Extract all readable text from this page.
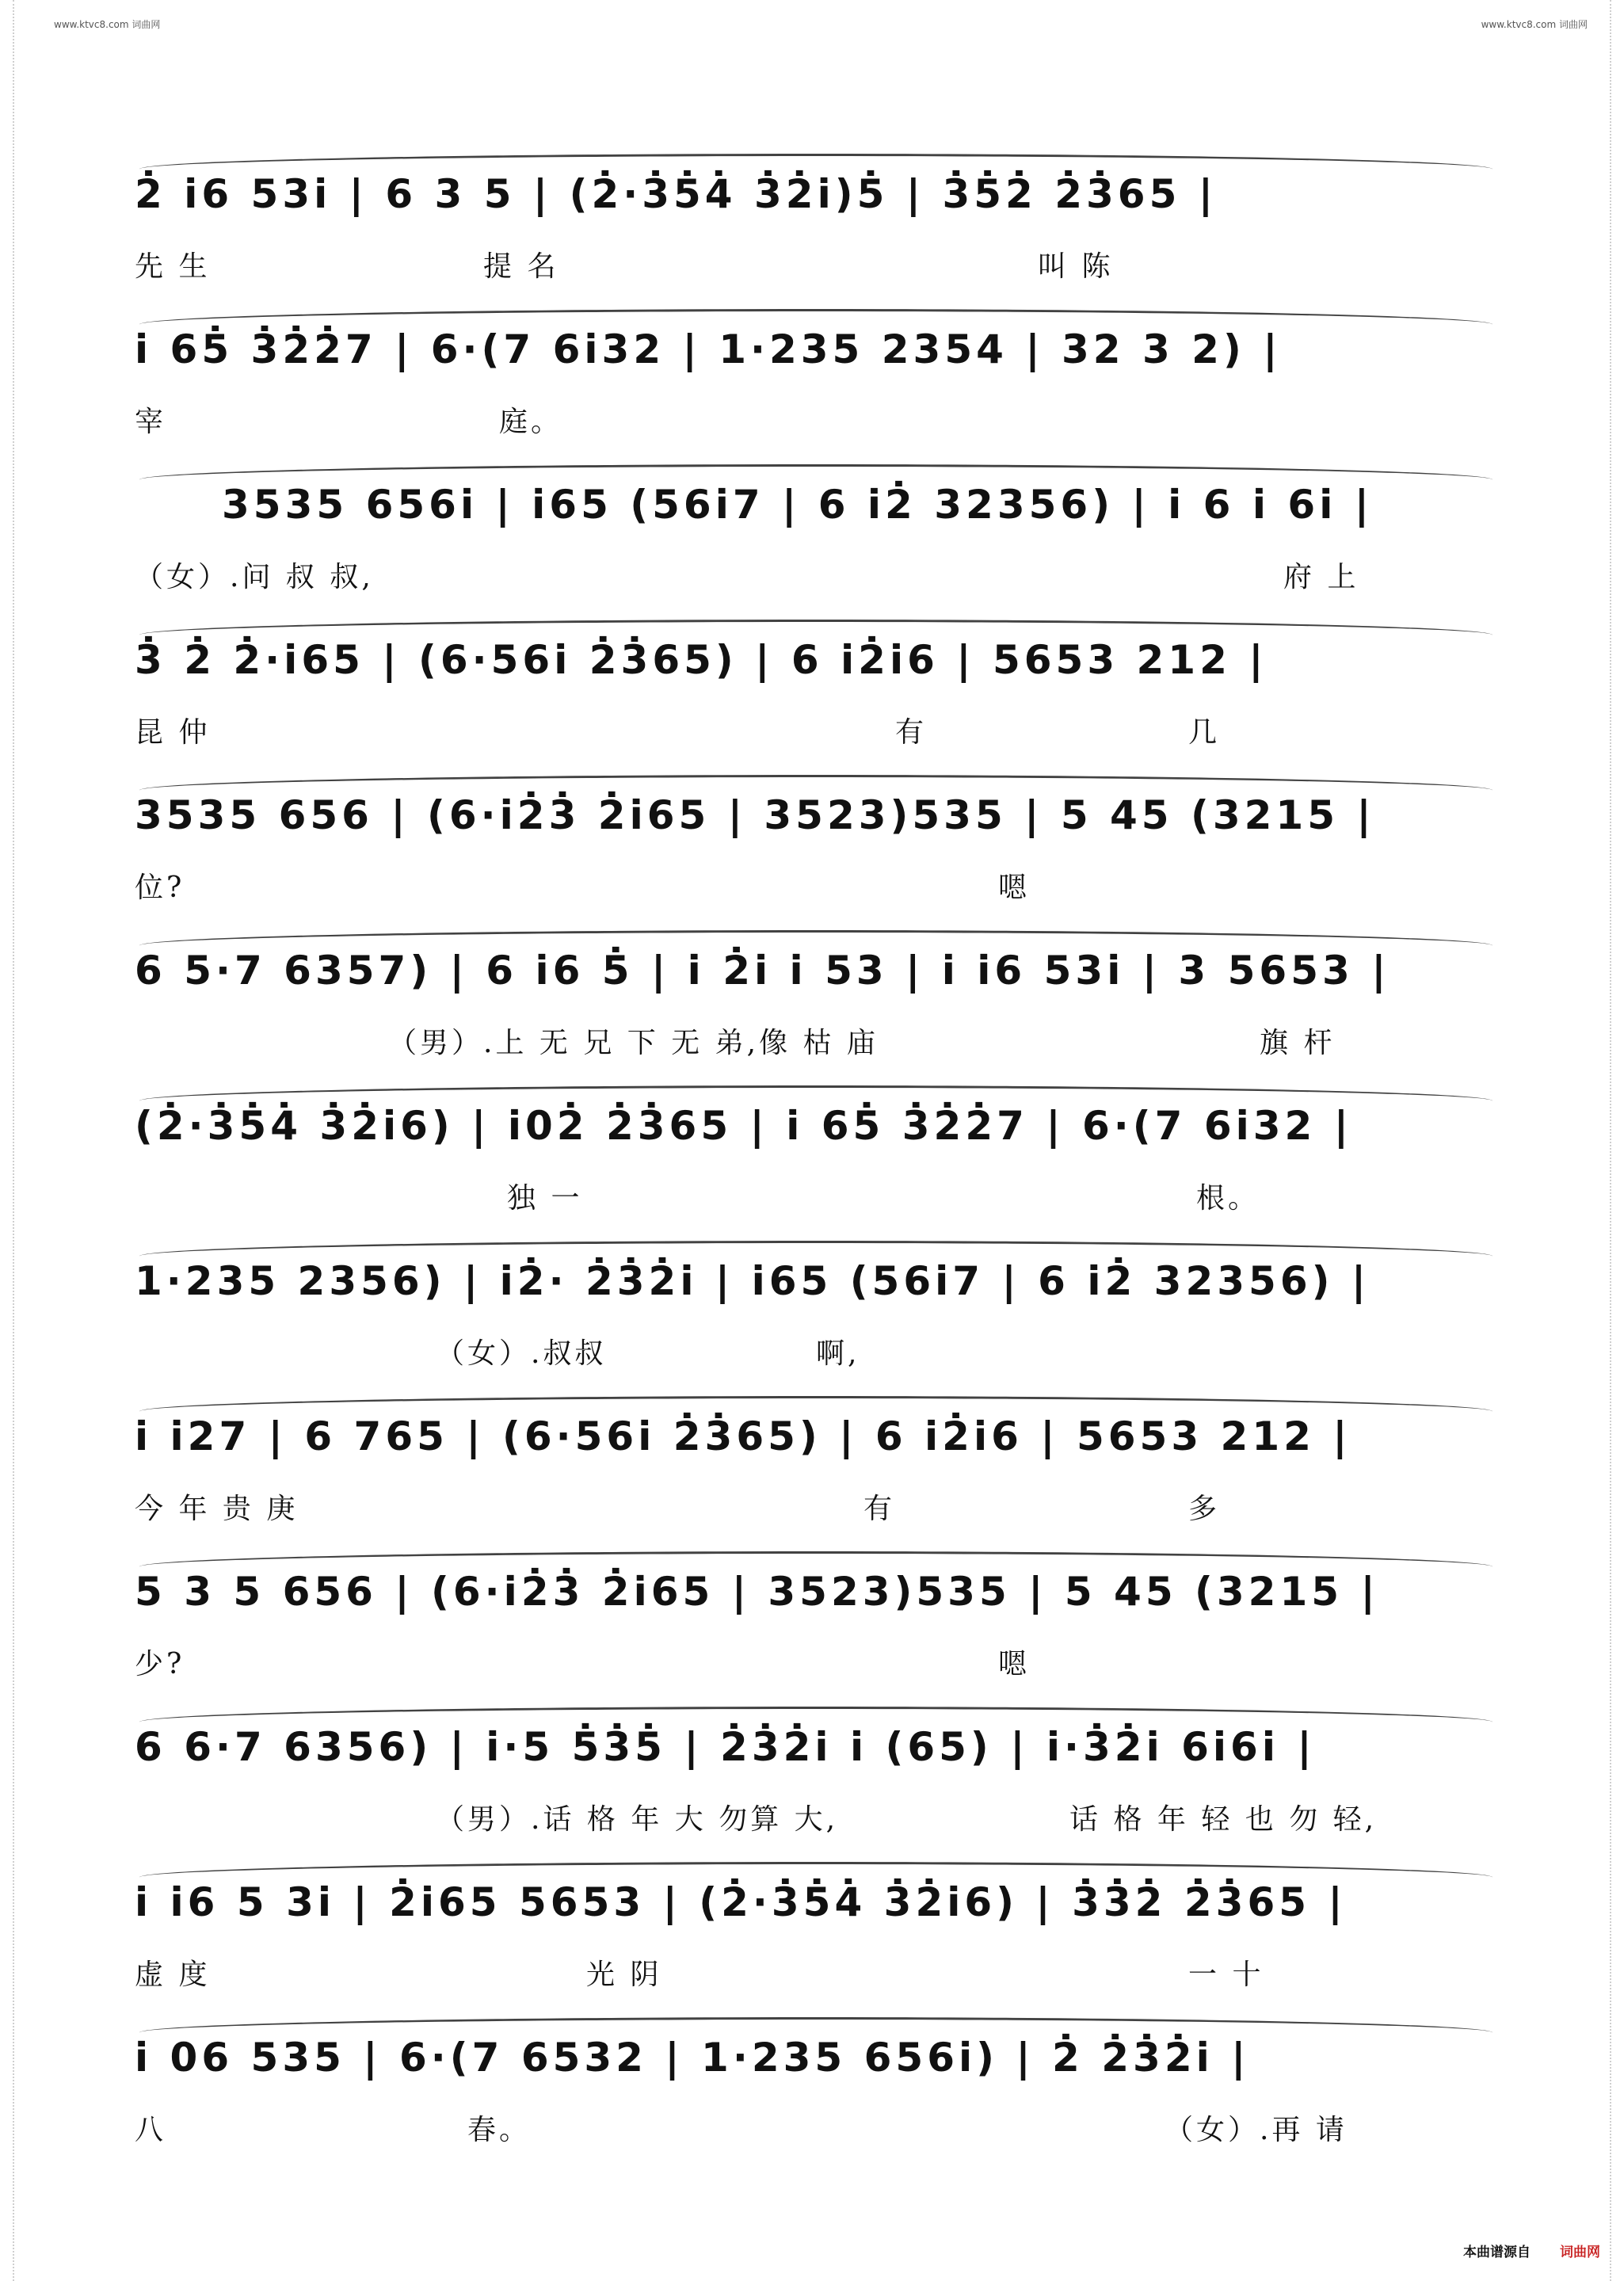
www.ktvc8.com 词曲网	www.ktvc8.com 词曲网
2̇ i̇6 53i̇ | 6 3 5 | (2̇·3̇5̇4̇ 3̇2̇i̇)5̇ | 3̇5̇2̇ 2̇3̇65 |
先 生	提 名	叫 陈
i̇ 65̇ 3̇2̇2̇7 | 6·(7 6i̇32 | 1·235 2354 | 32 3 2) |
宰	庭。
3535 656i̇ | i̇65 (56i̇7 | 6 i̇2̇ 32356) | i̇ 6 i̇ 6i̇ |
（女）.问 叔 叔,	府 上
3̇ 2̇ 2̇·i̇65 | (6·56i̇ 2̇3̇65) | 6 i̇2̇i̇6 | 5653 212 |
昆 仲	有	几
3535 656 | (6·i̇2̇3̇ 2̇i̇65 | 3523)535 | 5 45 (3215 |
位?	嗯
6 5·7 6357) | 6 i̇6 5̇ | i̇ 2̇i̇ i̇ 53 | i̇ i̇6 53i̇ | 3 5653 |
（男）.上 无 兄 下 无 弟,像 枯 庙	旗 杆
(2̇·3̇5̇4̇ 3̇2̇i̇6) | i̇02̇ 2̇3̇65 | i̇ 65̇ 3̇2̇2̇7 | 6·(7 6i̇32 |
独 一	根。
1·235 2356) | i̇2̇· 2̇3̇2̇i̇ | i̇65 (56i̇7 | 6 i̇2̇ 32356) |
（女）.叔叔	啊,
i̇ i̇27 | 6 765 | (6·56i̇ 2̇3̇65) | 6 i̇2̇i̇6 | 5653 212 |
今 年 贵 庚	有	多
5 3 5 656 | (6·i̇2̇3̇ 2̇i̇65 | 3523)535 | 5 45 (3215 |
少?	嗯
6 6·7 6356) | i̇·5 5̇3̇5̇ | 2̇3̇2̇i̇ i̇ (65) | i̇·3̇2̇i̇ 6i̇6i̇ |
（男）.话 格 年 大 勿算 大,	话 格 年 轻 也 勿 轻,
i̇ i̇6 5 3i̇ | 2̇i̇65 5653 | (2̇·3̇5̇4̇ 3̇2̇i̇6) | 3̇3̇2̇ 2̇3̇65 |
虚 度	光 阴	一 十
i̇ 06 535 | 6·(7 6532 | 1·235 656i̇) | 2̇ 2̇3̇2̇i̇ |
八	春。	（女）.再 请
本曲谱源自 词曲网
